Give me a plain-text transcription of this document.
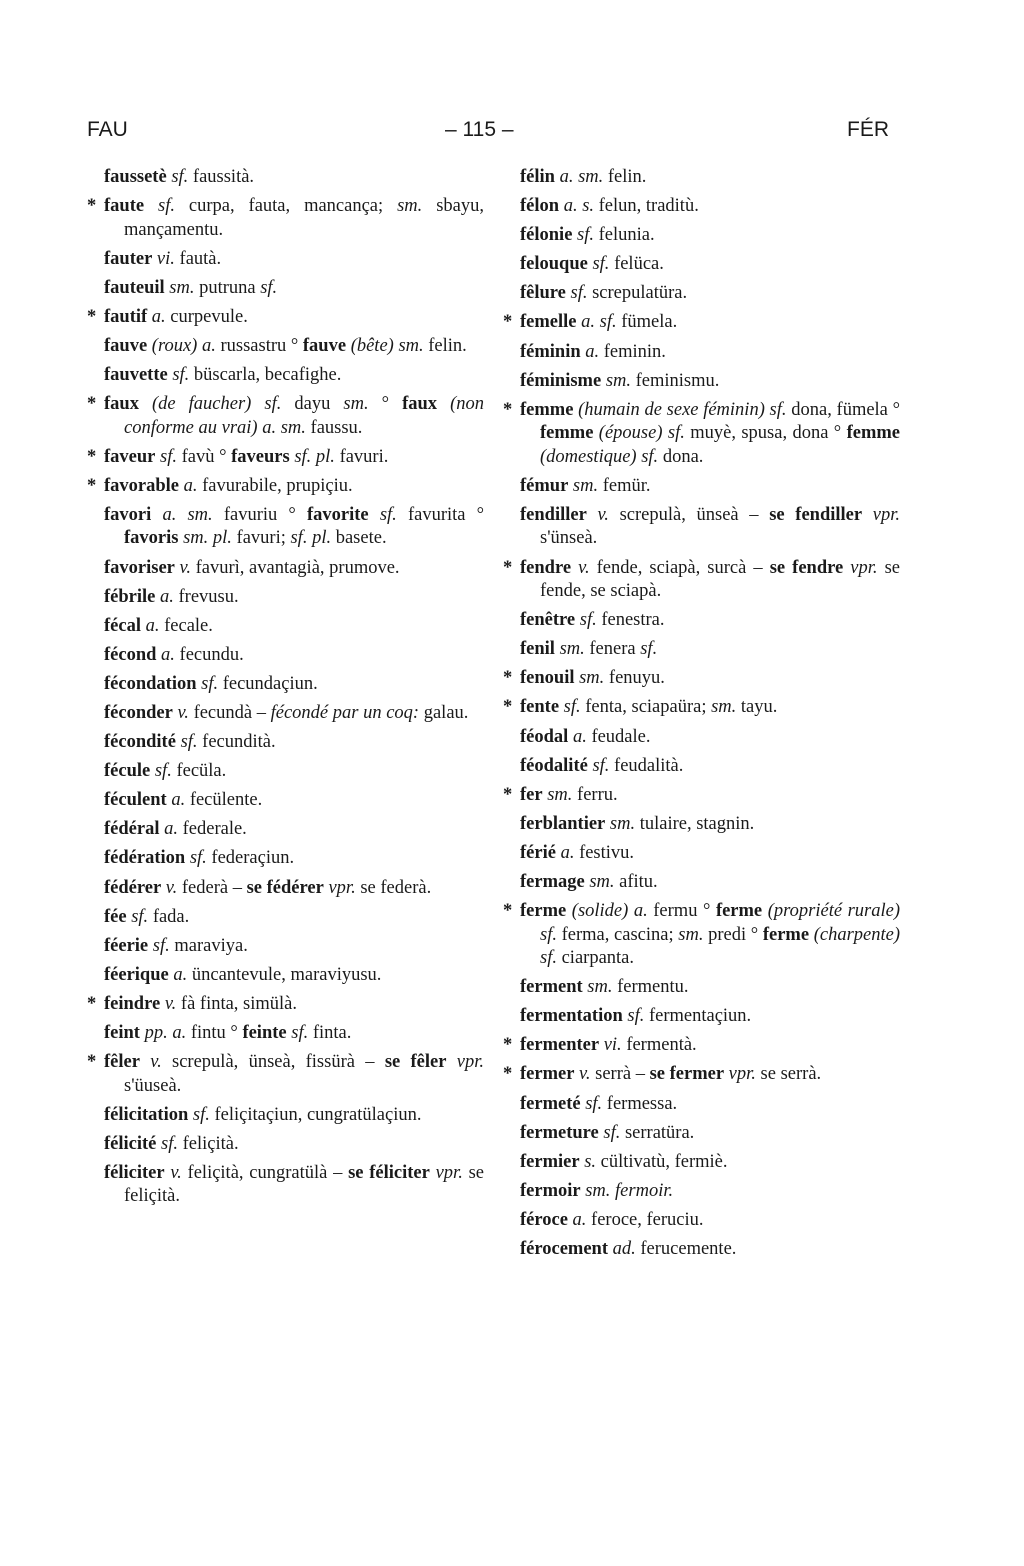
FAU	– 115 –	FÉR
faussetè sf. faussità.
* faute sf. curpa, fauta, mancança; sm. sbayu, mançamentu.
fauter vi. fautà.
fauteuil sm. putruna sf.
* fautif a. curpevule.
fauve (roux) a. russastru ° fauve (bête) sm. felin.
fauvette sf. büscarla, becafighe.
* faux (de faucher) sf. dayu sm. ° faux (non conforme au vrai) a. sm. faussu.
* faveur sf. favù ° faveurs sf. pl. favuri.
* favorable a. favurabile, prupiçiu.
favori a. sm. favuriu ° favorite sf. favurita ° favoris sm. pl. favuri; sf. pl. basete.
favoriser v. favurì, avantagià, prumove.
fébrile a. frevusu.
fécal a. fecale.
fécond a. fecundu.
fécondation sf. fecundaçiun.
féconder v. fecundà – fécondé par un coq: galau.
fécondité sf. fecundità.
fécule sf. fecüla.
féculent a. fecülente.
fédéral a. federale.
fédération sf. federaçiun.
fédérer v. federà – se fédérer vpr. se federà.
fée sf. fada.
féerie sf. maraviya.
féerique a. üncantevule, maraviyusu.
* feindre v. fà finta, simülà.
feint pp. a. fintu ° feinte sf. finta.
* fêler v. screpulà, ünseà, fissürà – se fêler vpr. s'üuseà.
félicitation sf. feliçitaçiun, cungratülaçiun.
félicité sf. feliçità.
féliciter v. feliçità, cungratülà – se féliciter vpr. se feliçità.
félin a. sm. felin.
félon a. s. felun, traditù.
félonie sf. felunia.
felouque sf. felüca.
fêlure sf. screpulatüra.
* femelle a. sf. fümela.
féminin a. feminin.
féminisme sm. feminismu.
* femme (humain de sexe féminin) sf. dona, fümela ° femme (épouse) sf. muyè, spusa, dona ° femme (domestique) sf. dona.
fémur sm. femür.
fendiller v. screpulà, ünseà – se fendiller vpr. s'ünseà.
* fendre v. fende, sciapà, surcà – se fendre vpr. se fende, se sciapà.
fenêtre sf. fenestra.
fenil sm. fenera sf.
* fenouil sm. fenuyu.
* fente sf. fenta, sciapaüra; sm. tayu.
féodal a. feudale.
féodalité sf. feudalità.
* fer sm. ferru.
ferblantier sm. tulaire, stagnin.
férié a. festivu.
fermage sm. afitu.
* ferme (solide) a. fermu ° ferme (propriété rurale) sf. ferma, cascina; sm. predi ° ferme (charpente) sf. ciarpanta.
ferment sm. fermentu.
fermentation sf. fermentaçiun.
* fermenter vi. fermentà.
* fermer v. serrà – se fermer vpr. se serrà.
fermeté sf. fermessa.
fermeture sf. serratüra.
fermier s. cültivatù, fermiè.
fermoir sm. fermoir.
féroce a. feroce, feruciu.
férocement ad. ferucemente.
